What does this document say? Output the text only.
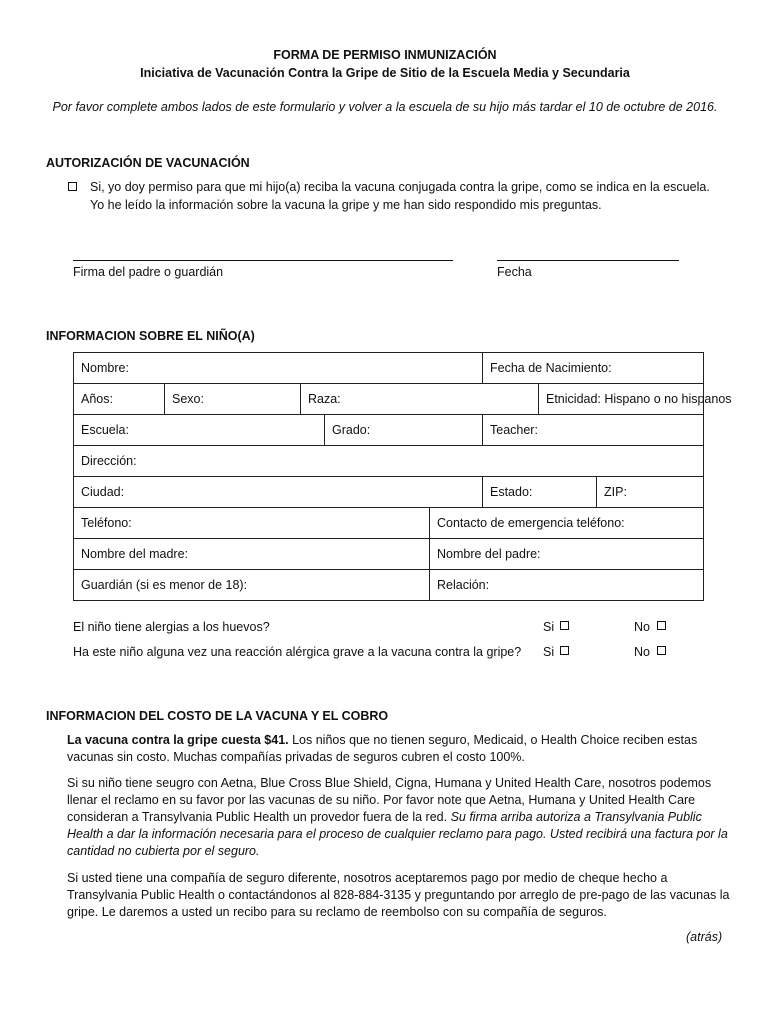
FORMA DE PERMISO INMUNIZACIÓN
Iniciativa de Vacunación Contra la Gripe de Sitio de la Escuela Media y Secundaria
Por favor complete ambos lados de este formulario y volver a la escuela de su hijo más tardar el 10 de octubre de 2016.
AUTORIZACIÓN DE VACUNACIÓN
Si, yo doy permiso para que mi hijo(a) reciba la vacuna conjugada contra la gripe, como se indica en la escuela.
Yo he leído la información sobre la vacuna la gripe y me han sido respondido mis preguntas.
Firma del padre o guardián	Fecha
INFORMACION SOBRE EL NIÑO(A)
Nombre:					Fecha de Nacimiento:		
Años:	Sexo:	Raza:				Etnicidad: Hispano o no hispanos	
Escuela:			Grado:		Teacher:		
Dirección:							
Ciudad:					Estado:		ZIP:
Teléfono:				Contacto de emergencia teléfono:			
Nombre del madre:				Nombre del padre:			
Guardián (si es menor de 18):				Relación:			
El niño tiene alergias a los huevos?	Si	No
Ha este niño alguna vez una reacción alérgica grave a la vacuna contra la gripe? Si	No
INFORMACION DEL COSTO DE LA VACUNA Y EL COBRO
La vacuna contra la gripe cuesta $41. Los niños que no tienen seguro, Medicaid, o Health Choice reciben estas vacunas sin costo. Muchas compañías privadas de seguros cubren el costo 100%.
Si su niño tiene seugro con Aetna, Blue Cross Blue Shield, Cigna, Humana y United Health Care, nosotros podemos llenar el reclamo en su favor por las vacunas de su niño. Por favor note que Aetna, Humana y United Health Care consideran a Transylvania Public Health un provedor fuera de la red. Su firma arriba autoriza a Transylvania Public Health a dar la información necesaria para el proceso de cualquier reclamo para pago. Usted recibirá una factura por la cantidad no cubierta por el seguro.
Si usted tiene una compañía de seguro diferente, nosotros aceptaremos pago por medio de cheque hecho a Transylvania Public Health o contactándonos al 828-884-3135 y preguntando por arreglo de pre-pago de las vacunas la gripe. Le daremos a usted un recibo para su reclamo de reembolso con su compañía de seguros.
(atrás)
